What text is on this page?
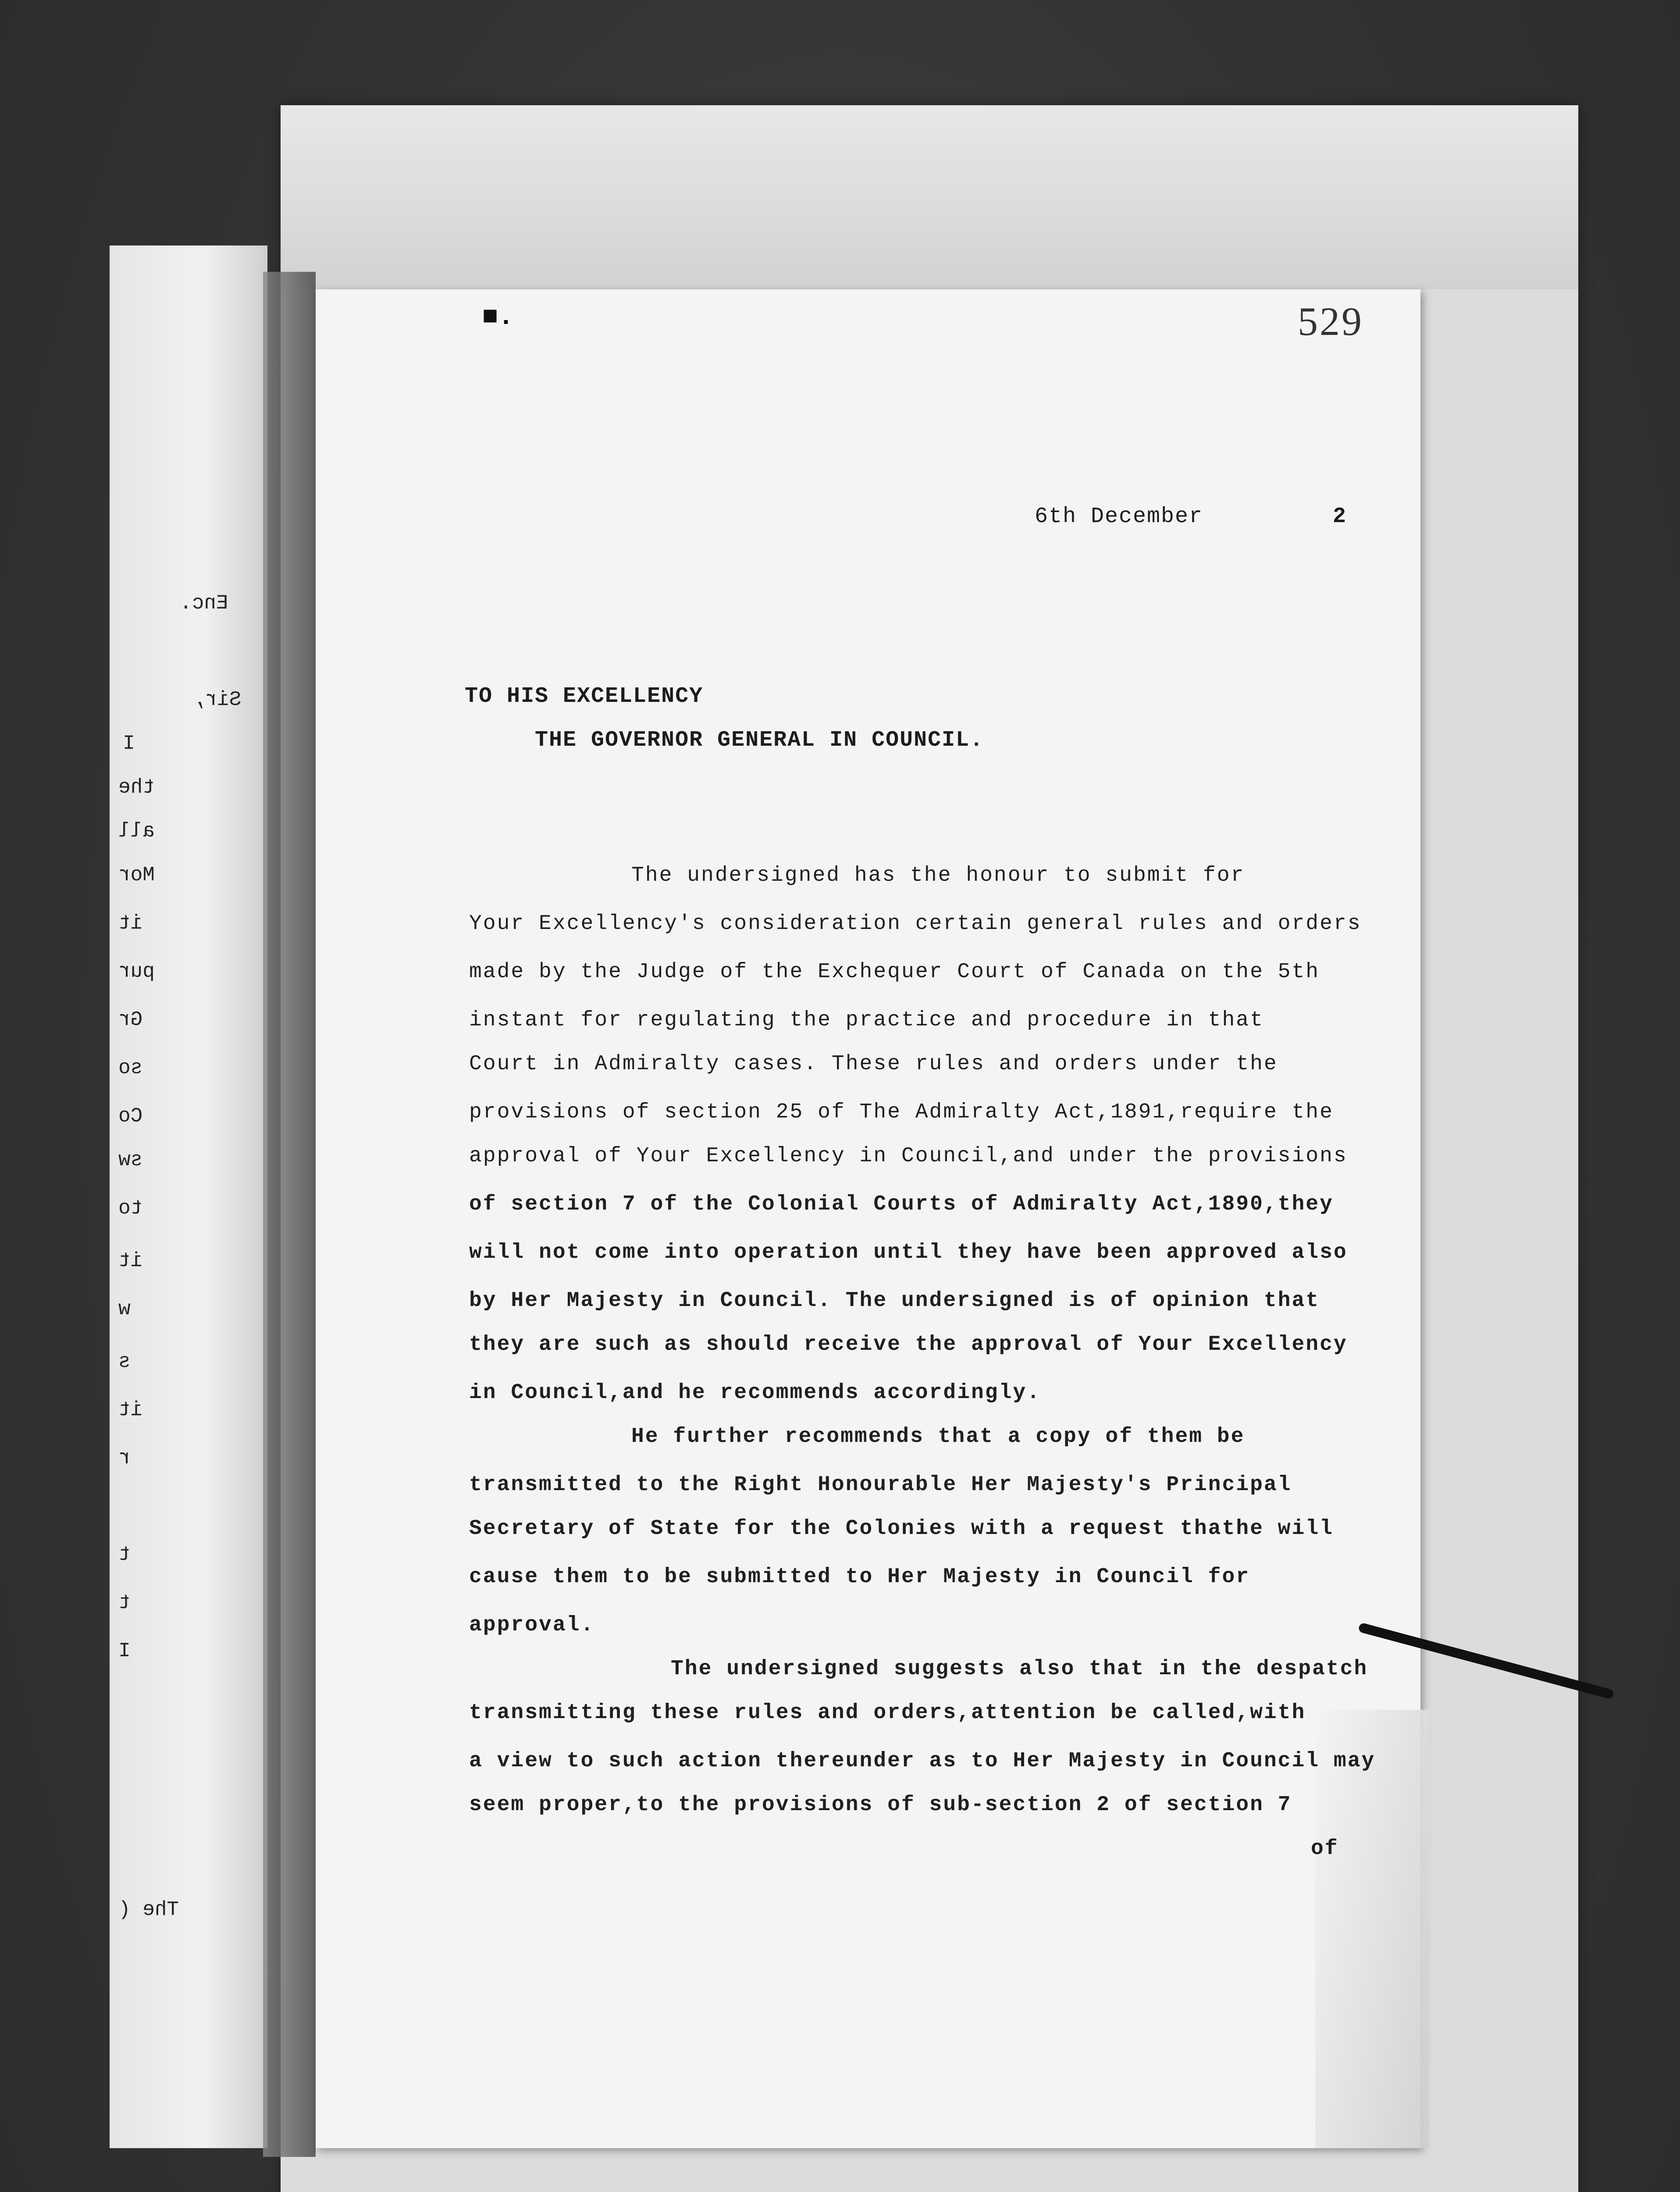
Enc.
Sir,
I
the
all
Mor
it
pur
Gr
so
Co
sw
to
it
w
s
it
r
t
t
I
The (
■.	529
6th December	2
TO HIS EXCELLENCY
THE GOVERNOR GENERAL IN COUNCIL.
The undersigned has the honour to submit for
Your Excellency's consideration certain general rules and orders
made by the Judge of the Exchequer Court of Canada on the 5th
instant for regulating the practice and procedure in that
Court in Admiralty cases. These rules and orders under the
provisions of section 25 of The Admiralty Act,1891,require the
approval of Your Excellency in Council,and under the provisions
of section 7 of the Colonial Courts of Admiralty Act,1890,they
will not come into operation until they have been approved also
by Her Majesty in Council. The undersigned is of opinion that
they are such as should receive the approval of Your Excellency
in Council,and he recommends accordingly.
He further recommends that a copy of them be
transmitted to the Right Honourable Her Majesty's Principal
Secretary of State for the Colonies with a request thathe will
cause them to be submitted to Her Majesty in Council for
approval.
The undersigned suggests also that in the despatch
transmitting these rules and orders,attention be called,with
a view to such action thereunder as to Her Majesty in Council may
seem proper,to the provisions of sub-section 2 of section 7
of
